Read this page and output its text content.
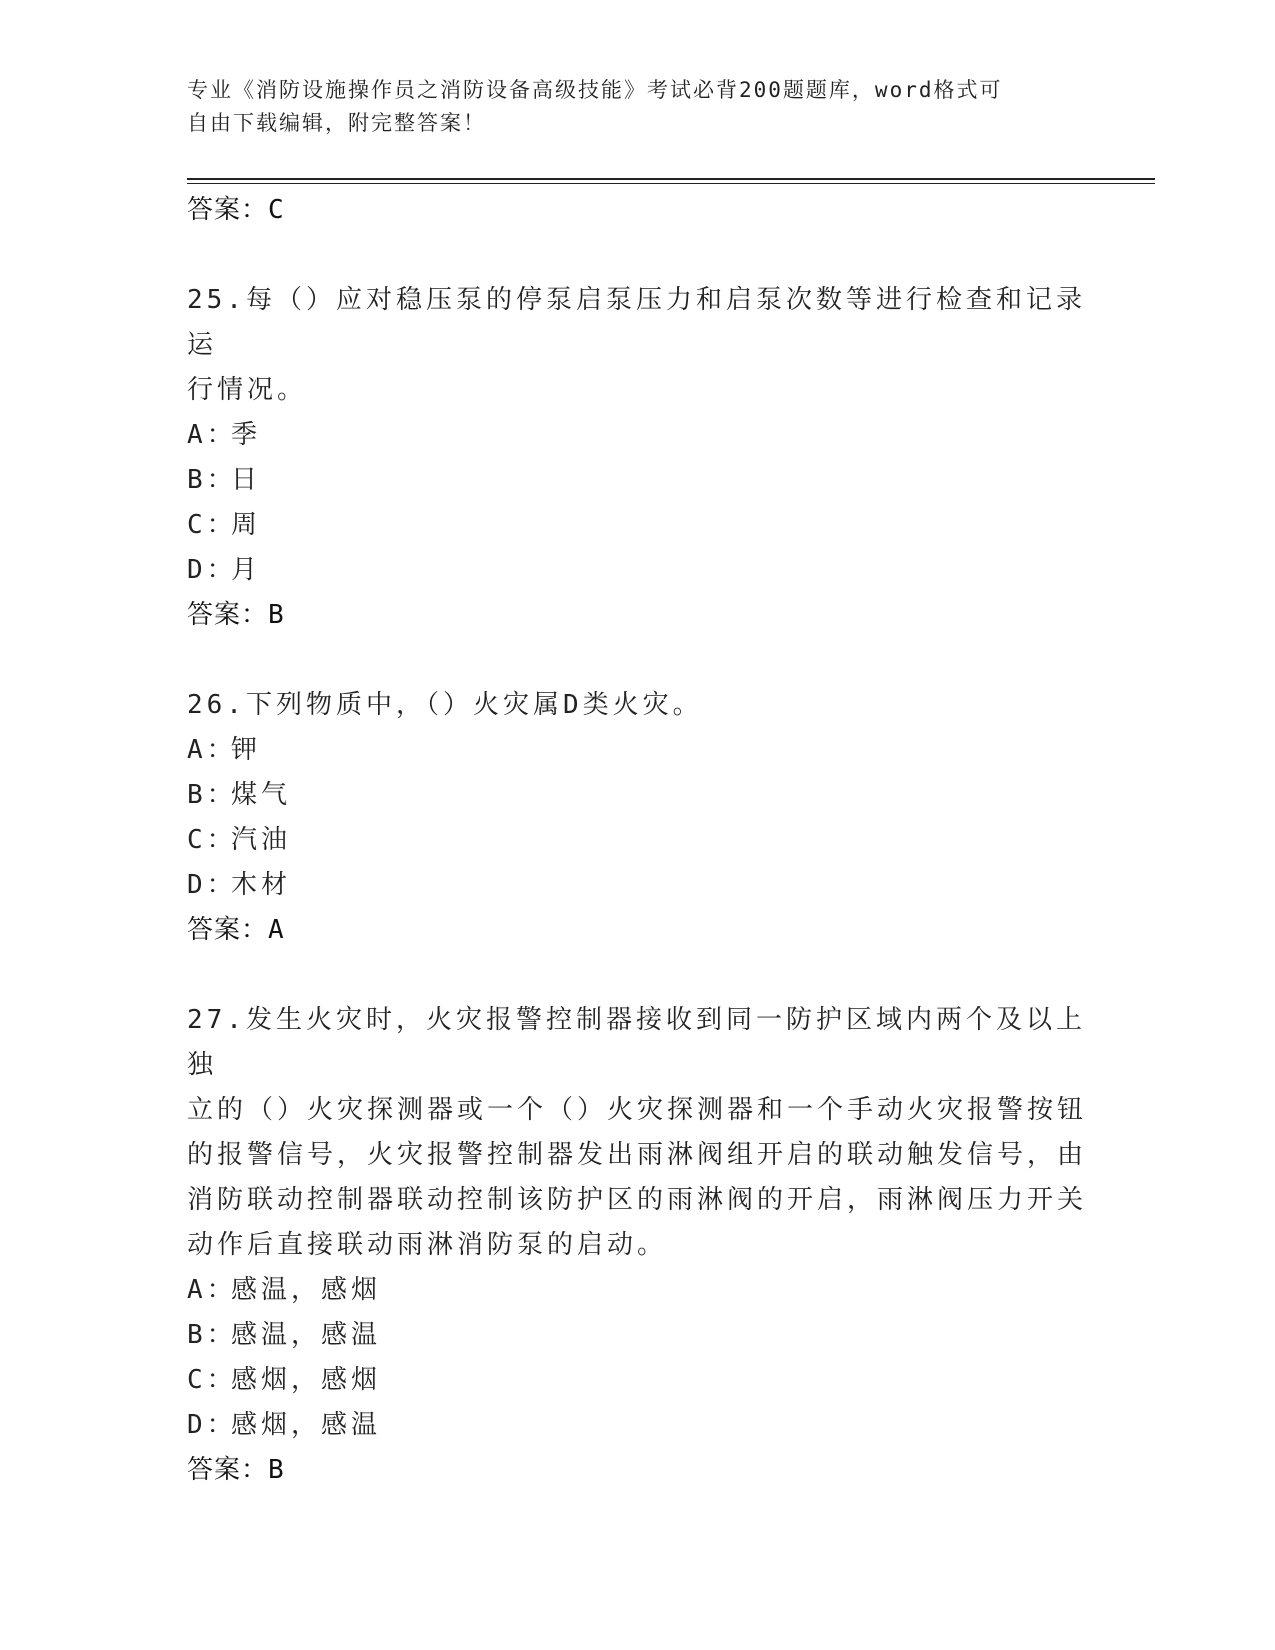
专业《消防设施操作员之消防设备高级技能》考试必背200题题库，word格式可
自由下载编辑，附完整答案！
答案：C
25.每（）应对稳压泵的停泵启泵压力和启泵次数等进行检查和记录运
行情况。
A：季
B：日
C：周
D：月
答案：B
26.下列物质中，（）火灾属D类火灾。
A：钾
B：煤气
C：汽油
D：木材
答案：A
27.发生火灾时，火灾报警控制器接收到同一防护区域内两个及以上独
立的（）火灾探测器或一个（）火灾探测器和一个手动火灾报警按钮
的报警信号，火灾报警控制器发出雨淋阀组开启的联动触发信号，由
消防联动控制器联动控制该防护区的雨淋阀的开启，雨淋阀压力开关
动作后直接联动雨淋消防泵的启动。
A：感温，感烟
B：感温，感温
C：感烟，感烟
D：感烟，感温
答案：B
